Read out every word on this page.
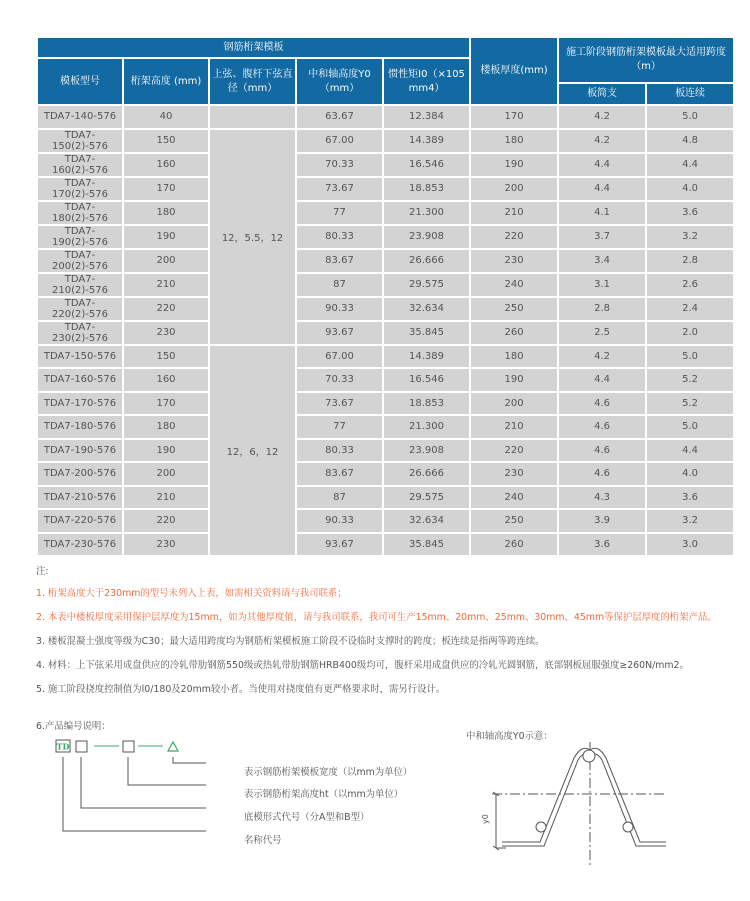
钢筋桁架模板					楼板厚度(mm)	施工阶段钢筋桁架模板最大适用跨度（m）	
模板型号	桁架高度 (mm)	上弦、腹杆下弦直径（mm）	中和轴高度Y0（mm）	惯性矩I0（×105 mm4）			
						板简支	板连续
TDA7-140-576	40		63.67	12.384	170	4.2	5.0
TDA7-150(2)-576	150	12，5.5，12	67.00	14.389	180	4.2	4.8
TDA7-160(2)-576	160		70.33	16.546	190	4.4	4.4
TDA7-170(2)-576	170		73.67	18.853	200	4.4	4.0
TDA7-180(2)-576	180		77	21.300	210	4.1	3.6
TDA7-190(2)-576	190		80.33	23.908	220	3.7	3.2
TDA7-200(2)-576	200		83.67	26.666	230	3.4	2.8
TDA7-210(2)-576	210		87	29.575	240	3.1	2.6
TDA7-220(2)-576	220		90.33	32.634	250	2.8	2.4
TDA7-230(2)-576	230		93.67	35.845	260	2.5	2.0
TDA7-150-576	150	12，6，12	67.00	14.389	180	4.2	5.0
TDA7-160-576	160		70.33	16.546	190	4.4	5.2
TDA7-170-576	170		73.67	18.853	200	4.6	5.2
TDA7-180-576	180		77	21.300	210	4.6	5.0
TDA7-190-576	190		80.33	23.908	220	4.6	4.4
TDA7-200-576	200		83.67	26.666	230	4.6	4.0
TDA7-210-576	210		87	29.575	240	4.3	3.6
TDA7-220-576	220		90.33	32.634	250	3.9	3.2
TDA7-230-576	230		93.67	35.845	260	3.6	3.0

注:

1. 桁架高度大于230mm的型号未列入上表，如需相关资料请与我司联系；

2. 本表中楼板厚度采用保护层厚度为15mm，如为其他厚度值，请与我司联系，我司可生产15mm、20mm、25mm、30mm、45mm等保护层厚度的桁架产品。

3. 楼板混凝土强度等级为C30；最大适用跨度均为钢筋桁架模板施工阶段不设临时支撑时的跨度；板连续是指两等跨连续。

4. 材料：上下弦采用成盘供应的冷轧带肋钢筋550级或热轧带肋钢筋HRB400级均可，腹杆采用成盘供应的冷轧光圆钢筋，底部钢板屈服强度≥260N/mm2。

5. 施工阶段挠度控制值为l0/180及20mm较小者。当使用对挠度值有更严格要求时，需另行设计。

6.产品编号说明：
TD
表示钢筋桁架模板宽度（以mm为单位）
表示钢筋桁架高度ht（以mm为单位）
底模形式代号（分A型和B型）
名称代号
中和轴高度Y0示意：
y0
